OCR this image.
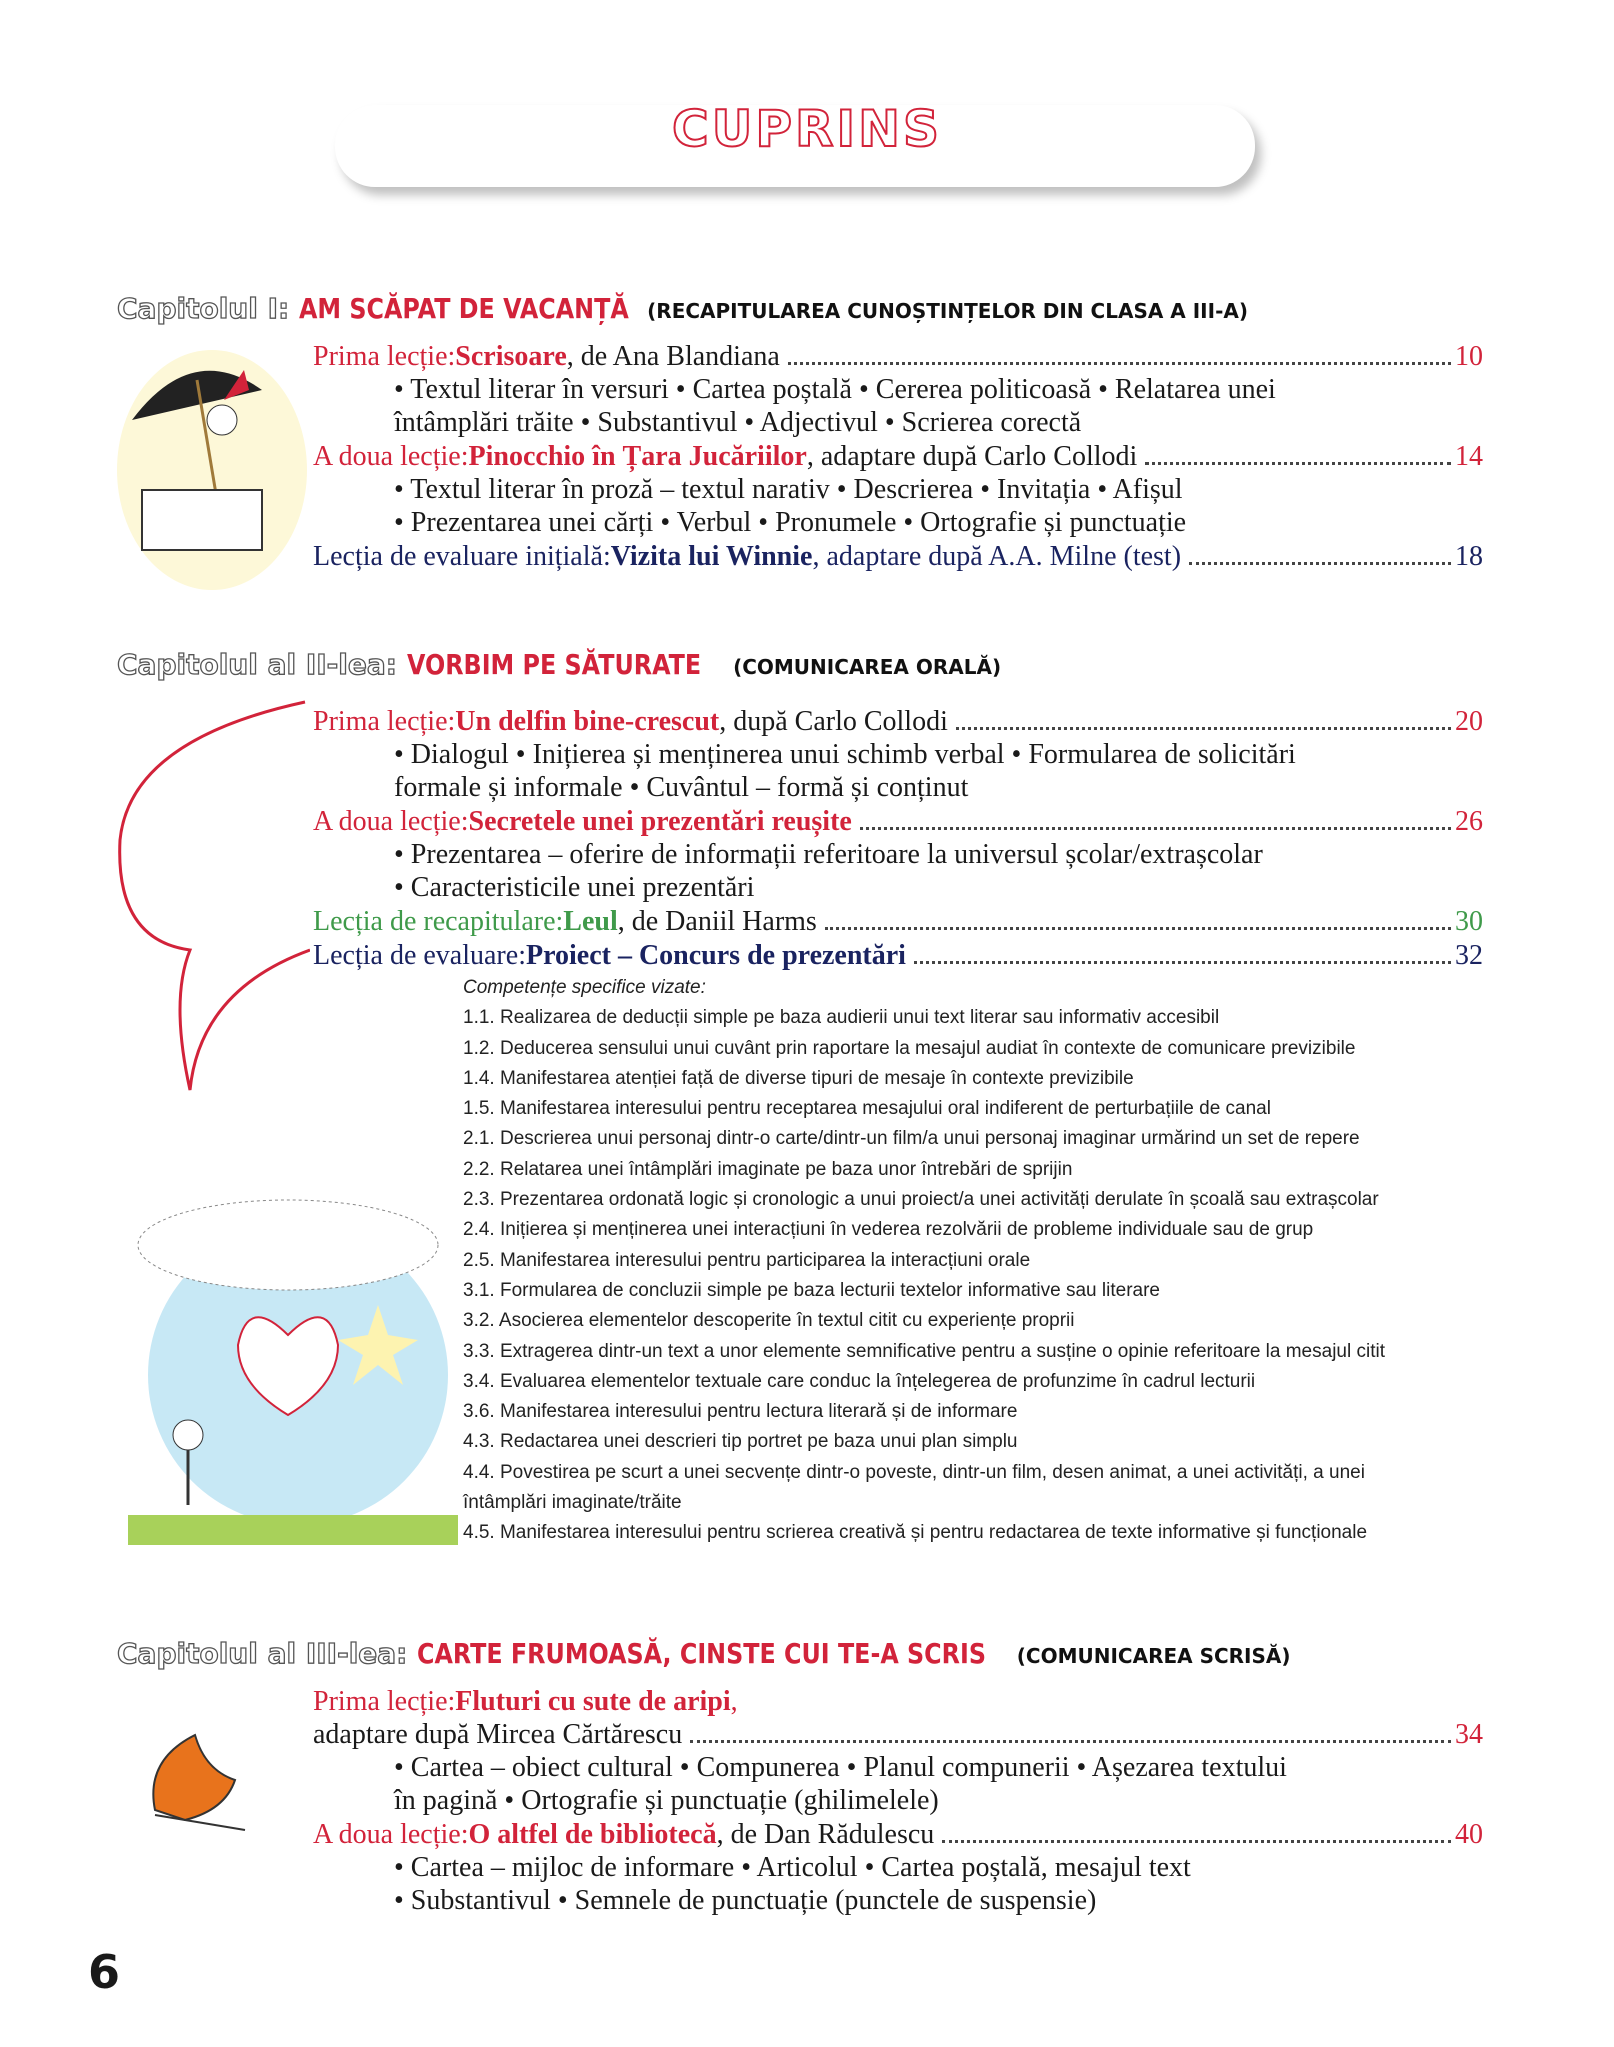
CUPRINS
Capitolul I: AM SCĂPAT DE VACANȚĂ (RECAPITULAREA CUNOȘTINȚELOR DIN CLASA A III-A)
Prima lecție: Scrisoare , de Ana Blandiana	10
• Textul literar în versuri • Cartea poștală • Cererea politicoasă • Relatarea unei
întâmplări trăite • Substantivul • Adjectivul • Scrierea corectă
A doua lecție: Pinocchio în Țara Jucăriilor , adaptare după Carlo Collodi	14
• Textul literar în proză – textul narativ • Descrierea • Invitația • Afișul
• Prezentarea unei cărți • Verbul • Pronumele • Ortografie și punctuație
Lecția de evaluare inițială: Vizita lui Winnie , adaptare după A.A. Milne (test)	18
Capitolul al II-lea: VORBIM PE SĂTURATE (COMUNICAREA ORALĂ)
Prima lecție: Un delfin bine-crescut , după Carlo Collodi	20
• Dialogul • Inițierea și menținerea unui schimb verbal • Formularea de solicitări
formale și informale • Cuvântul – formă și conținut
A doua lecție: Secretele unei prezentări reușite	26
• Prezentarea – oferire de informații referitoare la universul școlar/extrașcolar
• Caracteristicile unei prezentări
Lecția de recapitulare: Leul , de Daniil Harms	30
Lecția de evaluare: Proiect – Concurs de prezentări	32
Competențe specifice vizate:
1.1. Realizarea de deducții simple pe baza audierii unui text literar sau informativ accesibil
1.2. Deducerea sensului unui cuvânt prin raportare la mesajul audiat în contexte de comunicare previzibile
1.4. Manifestarea atenției față de diverse tipuri de mesaje în contexte previzibile
1.5. Manifestarea interesului pentru receptarea mesajului oral indiferent de perturbațiile de canal
2.1. Descrierea unui personaj dintr-o carte/dintr-un film/a unui personaj imaginar urmărind un set de repere
2.2. Relatarea unei întâmplări imaginate pe baza unor întrebări de sprijin
2.3. Prezentarea ordonată logic și cronologic a unui proiect/a unei activități derulate în școală sau extrașcolar
2.4. Inițierea și menținerea unei interacțiuni în vederea rezolvării de probleme individuale sau de grup
2.5. Manifestarea interesului pentru participarea la interacțiuni orale
3.1. Formularea de concluzii simple pe baza lecturii textelor informative sau literare
3.2. Asocierea elementelor descoperite în textul citit cu experiențe proprii
3.3. Extragerea dintr-un text a unor elemente semnificative pentru a susține o opinie referitoare la mesajul citit
3.4. Evaluarea elementelor textuale care conduc la înțelegerea de profunzime în cadrul lecturii
3.6. Manifestarea interesului pentru lectura literară și de informare
4.3. Redactarea unei descrieri tip portret pe baza unui plan simplu
4.4. Povestirea pe scurt a unei secvențe dintr-o poveste, dintr-un film, desen animat, a unei activități, a unei
întâmplări imaginate/trăite
4.5. Manifestarea interesului pentru scrierea creativă și pentru redactarea de texte informative și funcționale
Capitolul al III-lea: CARTE FRUMOASĂ, CINSTE CUI TE-A SCRIS (COMUNICAREA SCRISĂ)
Prima lecție: Fluturi cu sute de aripi ,
adaptare după Mircea Cărtărescu	34
• Cartea – obiect cultural • Compunerea • Planul compunerii • Așezarea textului
în pagină • Ortografie și punctuație (ghilimelele)
A doua lecție: O altfel de bibliotecă , de Dan Rădulescu	40
• Cartea – mijloc de informare • Articolul • Cartea poștală, mesajul text
• Substantivul • Semnele de punctuație (punctele de suspensie)
6
